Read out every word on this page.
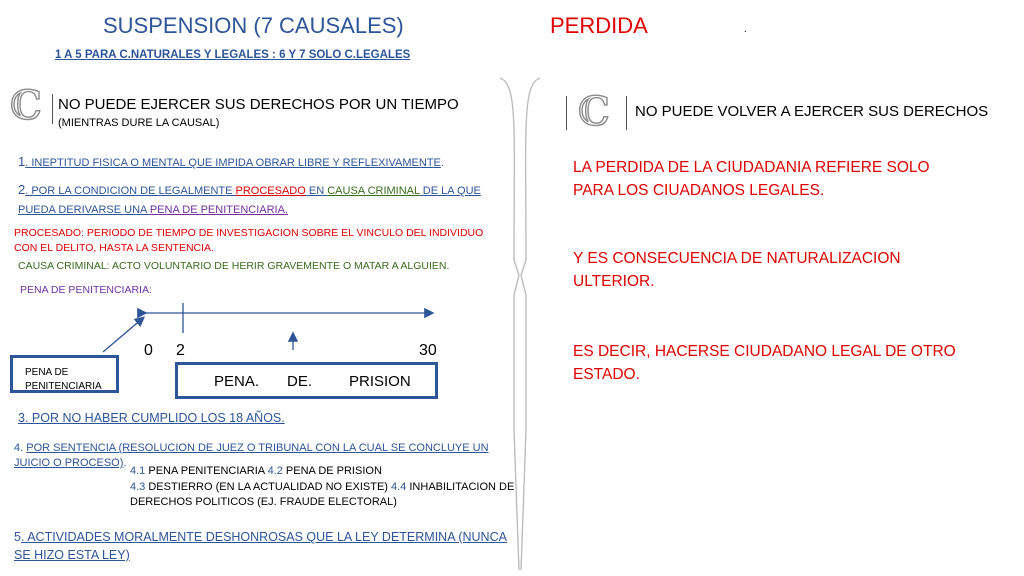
SUSPENSION (7 CAUSALES)
1 A 5 PARA C.NATURALES Y LEGALES : 6 Y 7 SOLO C.LEGALES
ℂ NO PUEDE EJERCER SUS DERECHOS POR UN TIEMPO
(MIENTRAS DURE LA CAUSAL)
1. INEPTITUD FISICA O MENTAL QUE IMPIDA OBRAR LIBRE Y REFLEXIVAMENTE.
2. POR LA CONDICION DE LEGALMENTE PROCESADO EN CAUSA CRIMINAL DE LA QUE
PUEDA DERIVARSE UNA PENA DE PENITENCIARIA.
PROCESADO: PERIODO DE TIEMPO DE INVESTIGACION SOBRE EL VINCULO DEL INDIVIDUO
CON EL DELITO, HASTA LA SENTENCIA.
CAUSA CRIMINAL: ACTO VOLUNTARIO DE HERIR GRAVEMENTE O MATAR A ALGUIEN.
PENA DE PENITENCIARIA:
0 2	30
PENA DE
PENITENCIARIA	PENA. DE. PRISION
3. POR NO HABER CUMPLIDO LOS 18 AÑOS.
4. POR SENTENCIA (RESOLUCION DE JUEZ O TRIBUNAL CON LA CUAL SE CONCLUYE UN
JUICIO O PROCESO).
4.1 PENA PENITENCIARIA 4.2 PENA DE PRISION
4.3 DESTIERRO (EN LA ACTUALIDAD NO EXISTE) 4.4 INHABILITACION DE
DERECHOS POLITICOS (EJ. FRAUDE ELECTORAL)
5. ACTIVIDADES MORALMENTE DESHONROSAS QUE LA LEY DETERMINA (NUNCA
SE HIZO ESTA LEY)
PERDIDA	.
ℂ NO PUEDE VOLVER A EJERCER SUS DERECHOS
LA PERDIDA DE LA CIUDADANIA REFIERE SOLO
PARA LOS CIUADANOS LEGALES.
Y ES CONSECUENCIA DE NATURALIZACION
ULTERIOR.
ES DECIR, HACERSE CIUDADANO LEGAL DE OTRO
ESTADO.
